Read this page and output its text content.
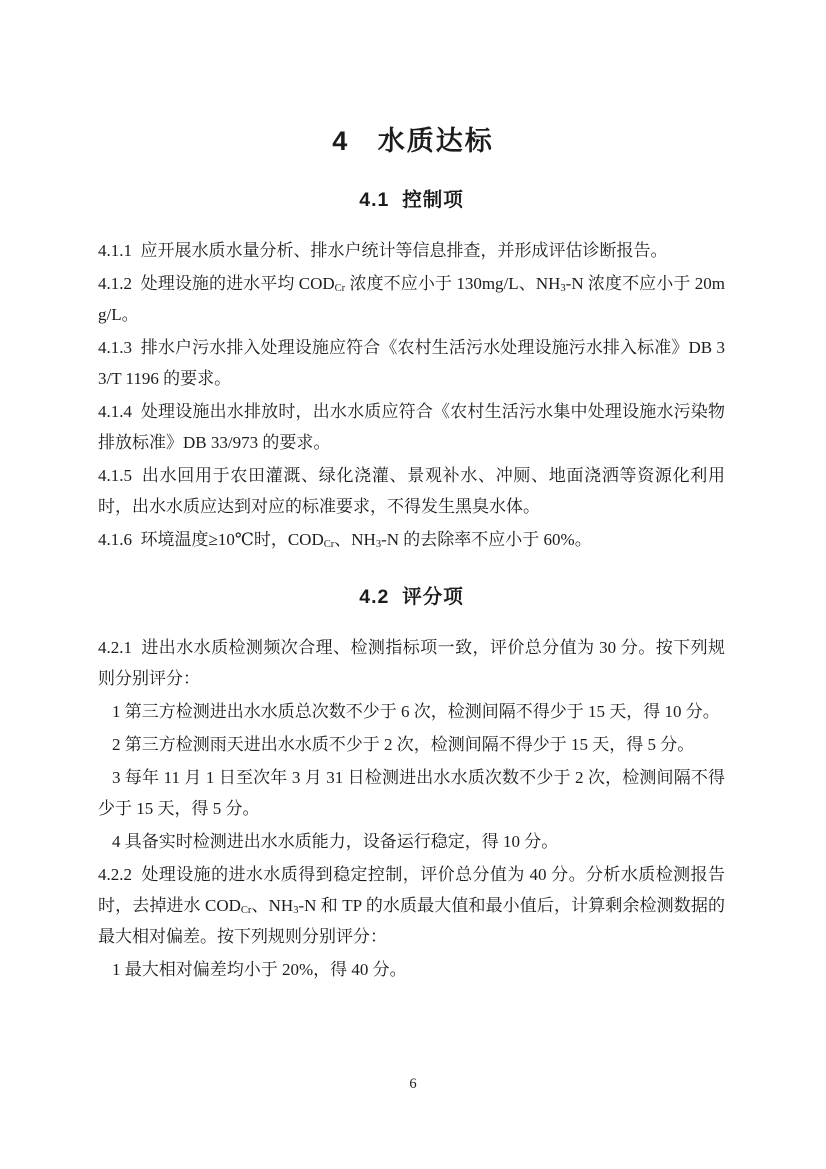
4   水质达标
4.1  控制项

4.1.1  应开展水质水量分析、排水户统计等信息排查，并形成评估诊断报告。

4.1.2  处理设施的进水平均 $COD_{Cr}$ 浓度不应小于 130mg/L、$NH_3-N$ 浓度不应小于 20mg/L。

4.1.3  排水户污水排入处理设施应符合《农村生活污水处理设施污水排入标准》DB 33/T 1196 的要求。

4.1.4  处理设施出水排放时，出水水质应符合《农村生活污水集中处理设施水污染物排放标准》DB 33/973 的要求。

4.1.5  出水回用于农田灌溉、绿化浇灌、景观补水、冲厕、地面浇洒等资源化利用时，出水水质应达到对应的标准要求，不得发生黑臭水体。

4.1.6  环境温度≥10℃时，$COD_{Cr}$、$NH_3-N$ 的去除率不应小于 60%。

4.2  评分项

4.2.1  进出水水质检测频次合理、检测指标项一致，评价总分值为 30 分。按下列规则分别评分：

1 第三方检测进出水水质总次数不少于 6 次，检测间隔不得少于 15 天，得 10 分。

2 第三方检测雨天进出水水质不少于 2 次，检测间隔不得少于 15 天，得 5 分。

3 每年 11 月 1 日至次年 3 月 31 日检测进出水水质次数不少于 2 次，检测间隔不得少于 15 天，得 5 分。

4 具备实时检测进出水水质能力，设备运行稳定，得 10 分。

4.2.2  处理设施的进水水质得到稳定控制，评价总分值为 40 分。分析水质检测报告时，去掉进水 $COD_{Cr}$、$NH_3-N$ 和 TP 的水质最大值和最小值后，计算剩余检测数据的最大相对偏差。按下列规则分别评分：

1 最大相对偏差均小于 20%，得 40 分。

6
